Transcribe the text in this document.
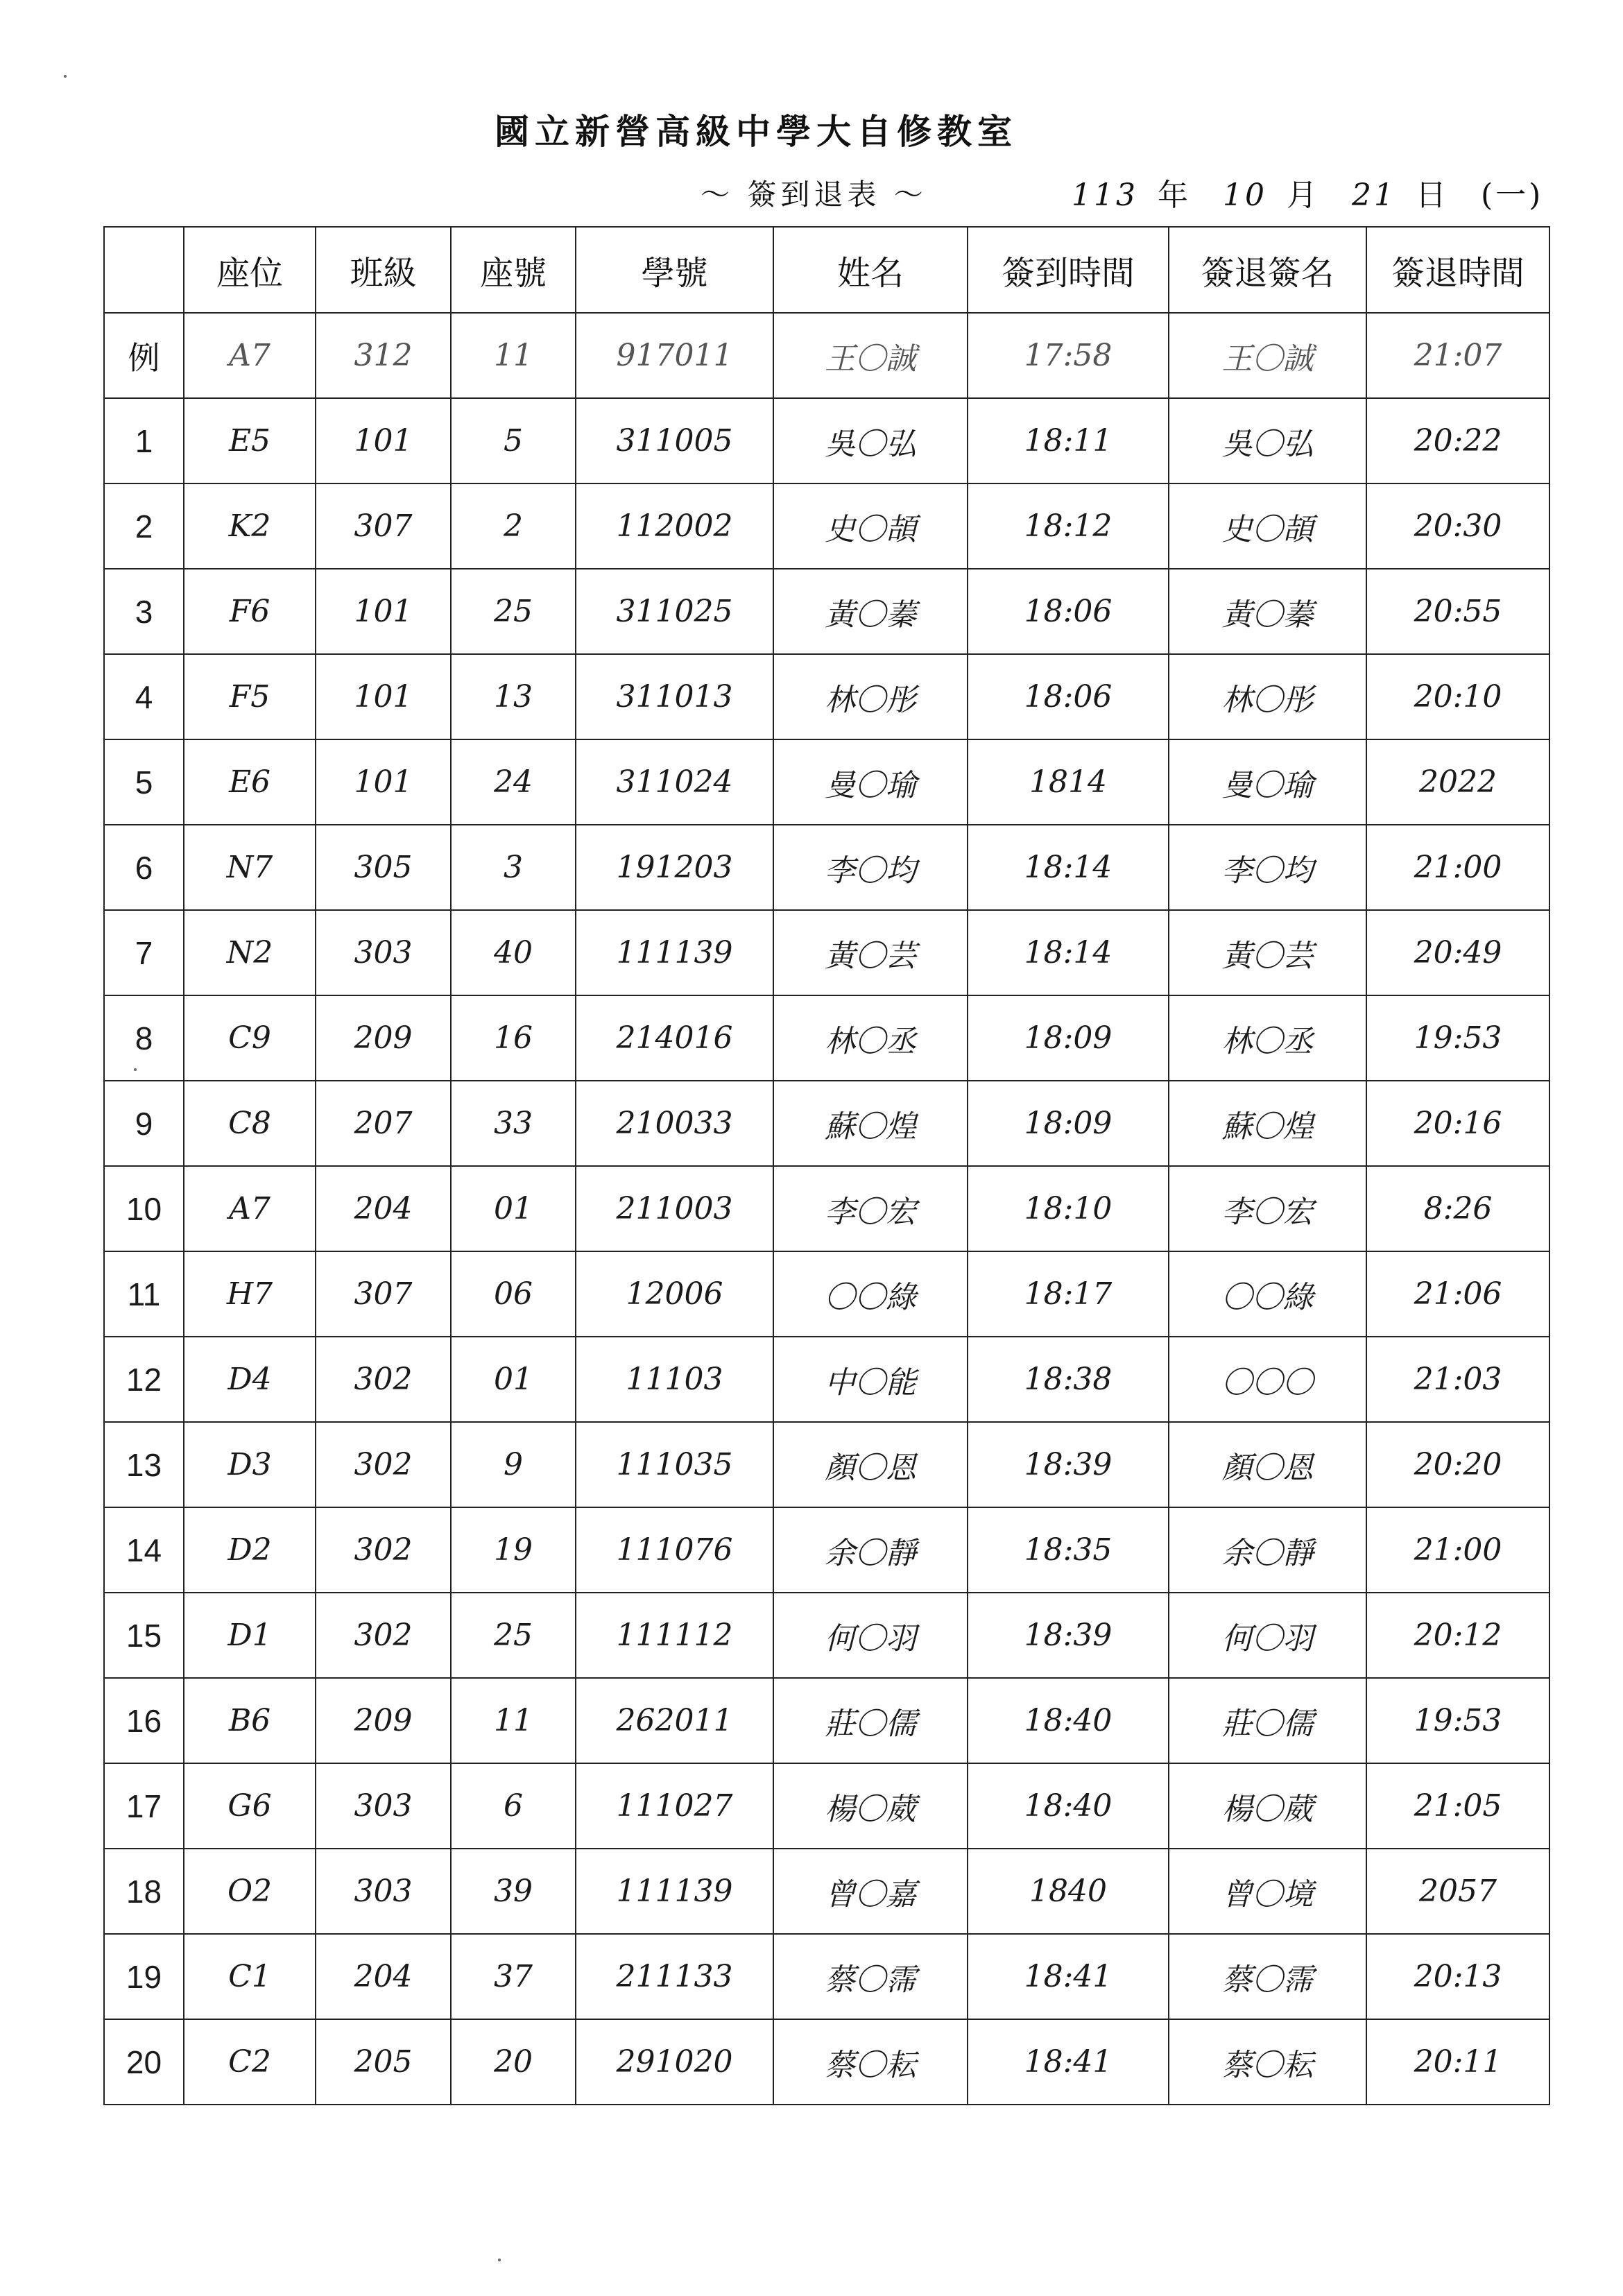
國立新營高級中學大自修教室
～ 簽到退表 ～	113 年 10 月 21 日 (一)
	座位	班級	座號	學號	姓名	簽到時間	簽退簽名	簽退時間
例	A7	312	11	917011	王〇誠	17:58	王〇誠	21:07
1	E5	101	5	311005	吳〇弘	18:11	吳〇弘	20:22
2	K2	307	2	112002	史〇頡	18:12	史〇頡	20:30
3	F6	101	25	311025	黃〇蓁	18:06	黃〇蓁	20:55
4	F5	101	13	311013	林〇彤	18:06	林〇彤	20:10
5	E6	101	24	311024	曼〇瑜	1814	曼〇瑜	2022
6	N7	305	3	191203	李〇均	18:14	李〇均	21:00
7	N2	303	40	111139	黃〇芸	18:14	黃〇芸	20:49
8	C9	209	16	214016	林〇丞	18:09	林〇丞	19:53
9	C8	207	33	210033	蘇〇煌	18:09	蘇〇煌	20:16
10	A7	204	01	211003	李〇宏	18:10	李〇宏	8:26
11	H7	307	06	12006	〇〇綠	18:17	〇〇綠	21:06
12	D4	302	01	11103	中〇能	18:38	〇〇〇	21:03
13	D3	302	9	111035	顏〇恩	18:39	顏〇恩	20:20
14	D2	302	19	111076	余〇靜	18:35	余〇靜	21:00
15	D1	302	25	111112	何〇羽	18:39	何〇羽	20:12
16	B6	209	11	262011	莊〇儒	18:40	莊〇儒	19:53
17	G6	303	6	111027	楊〇葳	18:40	楊〇葳	21:05
18	O2	303	39	111139	曾〇嘉	1840	曾〇境	2057
19	C1	204	37	211133	蔡〇霈	18:41	蔡〇霈	20:13
20	C2	205	20	291020	蔡〇耘	18:41	蔡〇耘	20:11
